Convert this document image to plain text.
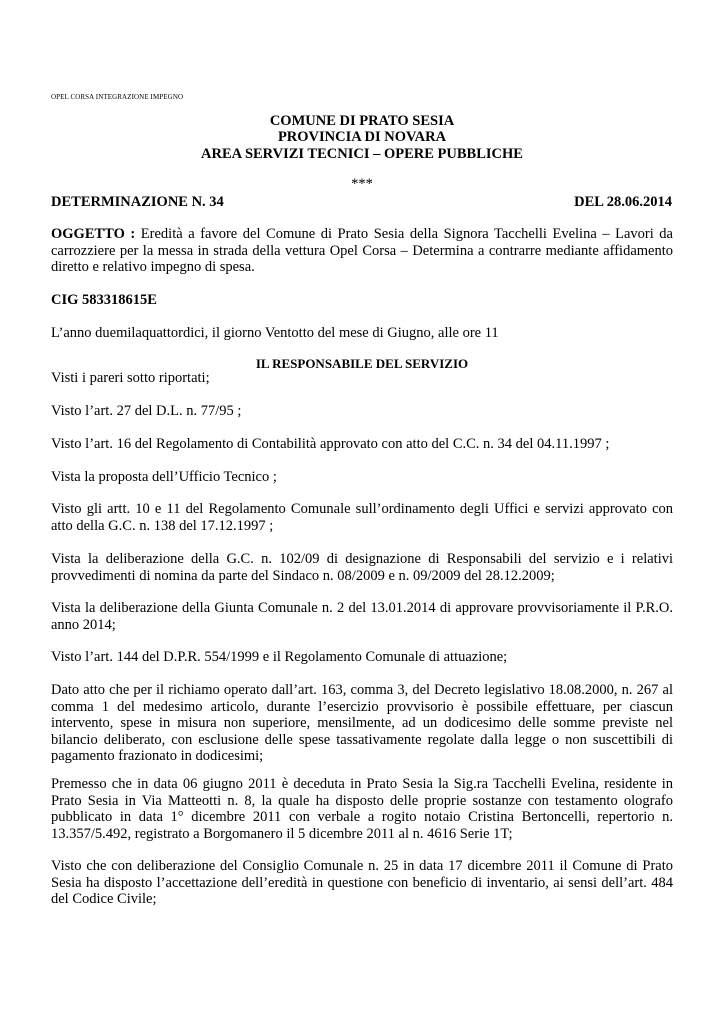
OPEL CORSA INTEGRAZIONE IMPEGNO
COMUNE DI PRATO SESIA
PROVINCIA DI NOVARA
AREA SERVIZI TECNICI – OPERE PUBBLICHE
***
DETERMINAZIONE N. 34	DEL 28.06.2014
OGGETTO : Eredità a favore del Comune di Prato Sesia della Signora Tacchelli Evelina – Lavori da carrozziere per la messa in strada della vettura Opel Corsa – Determina a contrarre mediante affidamento diretto e relativo impegno di spesa.
CIG 583318615E
L’anno duemilaquattordici, il giorno Ventotto del mese di Giugno, alle ore 11
IL RESPONSABILE DEL SERVIZIO
Visti i pareri sotto riportati;
Visto l’art. 27 del D.L. n. 77/95 ;
Visto l’art. 16 del Regolamento di Contabilità approvato con atto del C.C. n. 34 del 04.11.1997 ;
Vista la proposta dell’Ufficio Tecnico ;
Visto gli artt. 10 e 11 del Regolamento Comunale sull’ordinamento degli Uffici e servizi approvato con atto della G.C. n. 138 del 17.12.1997 ;
Vista la deliberazione della G.C. n. 102/09 di designazione di Responsabili del servizio e i relativi provvedimenti di nomina da parte del Sindaco n. 08/2009 e n. 09/2009 del 28.12.2009;
Vista la deliberazione della Giunta Comunale n. 2 del 13.01.2014 di approvare provvisoriamente il P.R.O. anno 2014;
Visto l’art. 144 del D.P.R. 554/1999 e il Regolamento Comunale di attuazione;
Dato atto che per il richiamo operato dall’art. 163, comma 3, del Decreto legislativo 18.08.2000, n. 267 al comma 1 del medesimo articolo, durante l’esercizio provvisorio è possibile effettuare, per ciascun intervento, spese in misura non superiore, mensilmente, ad un dodicesimo delle somme previste nel bilancio deliberato, con esclusione delle spese tassativamente regolate dalla legge o non suscettibili di pagamento frazionato in dodicesimi;
Premesso che in data 06 giugno 2011 è deceduta in Prato Sesia la Sig.ra Tacchelli Evelina, residente in Prato Sesia in Via Matteotti n. 8, la quale ha disposto delle proprie sostanze con testamento olografo pubblicato in data 1° dicembre 2011 con verbale a rogito notaio Cristina Bertoncelli, repertorio n. 13.357/5.492, registrato a Borgomanero il 5 dicembre 2011 al n. 4616 Serie 1T;
Visto che con deliberazione del Consiglio Comunale n. 25 in data 17 dicembre 2011 il Comune di Prato Sesia ha disposto l’accettazione dell’eredità in questione con beneficio di inventario, ai sensi dell’art. 484 del Codice Civile;
